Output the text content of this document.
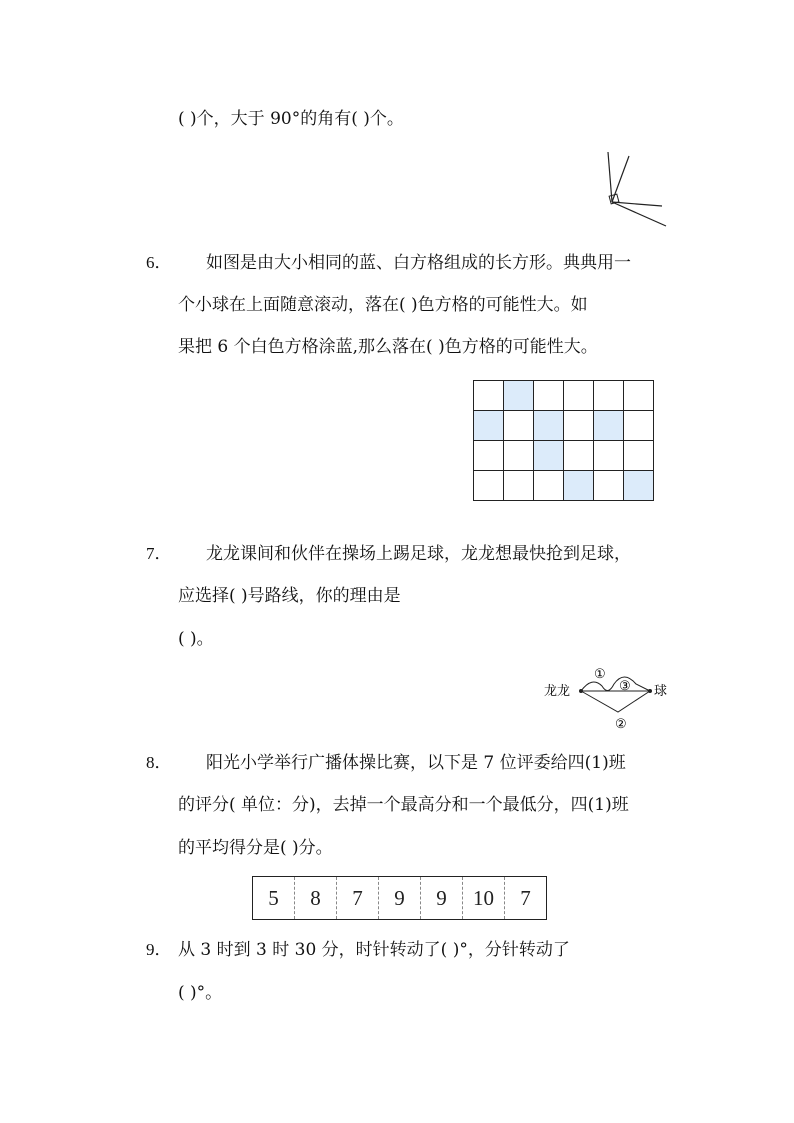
( )个，大于 90°的角有( )个。
6． 如图是由大小相同的蓝、白方格组成的长方形。典典用一
个小球在上面随意滚动，落在( )色方格的可能性大。如
果把 6 个白色方格涂蓝,那么落在( )色方格的可能性大。

7． 龙龙课间和伙伴在操场上踢足球，龙龙想最快抢到足球，
应选择( )号路线，你的理由是
( )。
龙龙	球
①
③
②
8． 阳光小学举行广播体操比赛，以下是 7 位评委给四(1)班
的评分( 单位：分)，去掉一个最高分和一个最低分，四(1)班
的平均得分是( )分。
5	8	7	9	9	10	7
9． 从 3 时到 3 时 30 分，时针转动了( )°，分针转动了
( )°。
